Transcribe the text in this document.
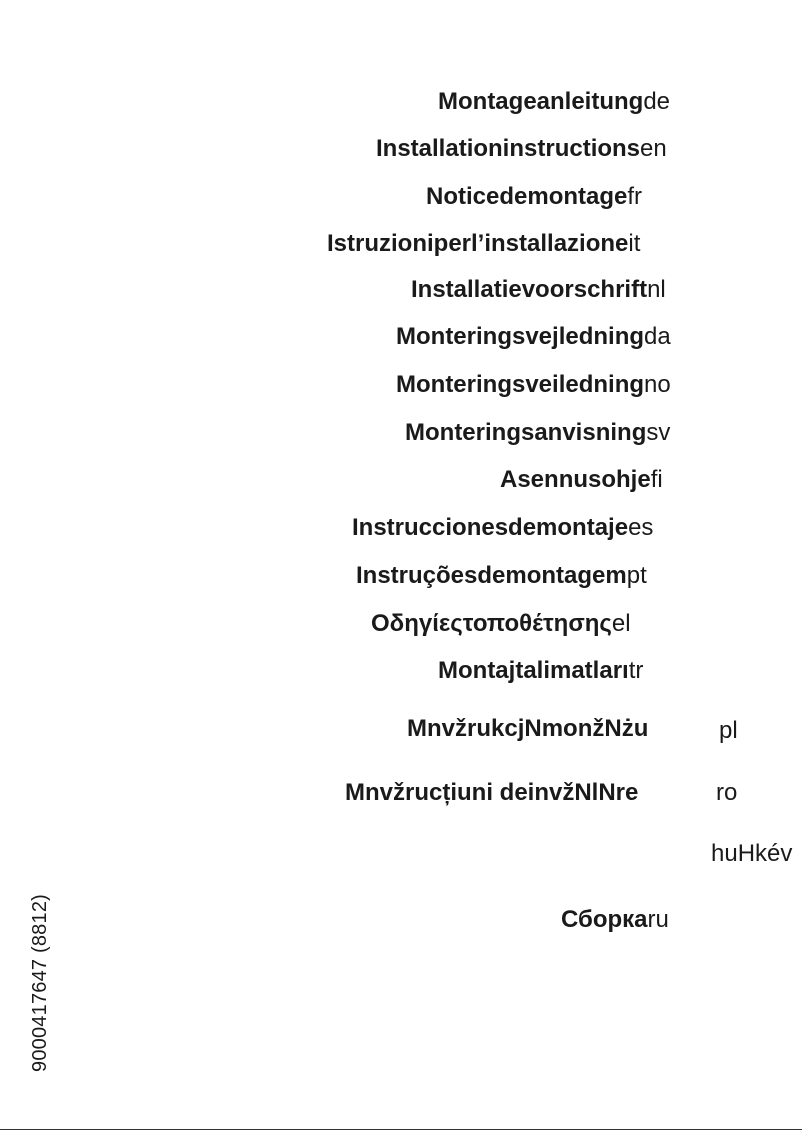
Montageanleitungde
Installationinstructionsen
Noticedemontagefr
Istruzioniperl’installazioneit
Installatievoorschriftnl
Monteringsvejledningda
Monteringsveiledningno
Monteringsanvisningsv
Asennusohjefi
Instruccionesdemontajees
Instruçõesdemontagempt
Οδηγίεςτοποθέτησηςel
Montajtalimatlarıtr
MnvžrukcjNmonžNżu	pl
Mnvžrucțiuni deinvžNlNre	ro
huHkév
Сборкаru
9000417647 (8812)
